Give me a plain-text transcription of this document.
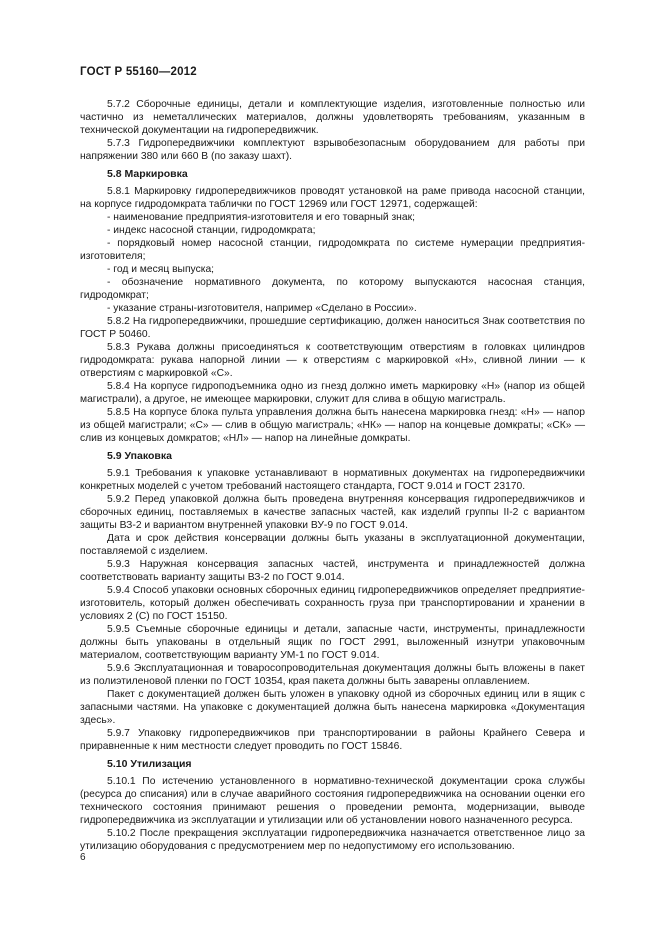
ГОСТ Р 55160—2012
5.7.2 Сборочные единицы, детали и комплектующие изделия, изготовленные полностью или частично из неметаллических материалов, должны удовлетворять требованиям, указанным в технической документации на гидропередвижчик.
5.7.3 Гидропередвижчики комплектуют взрывобезопасным оборудованием для работы при напряжении 380 или 660 В (по заказу шахт).
5.8 Маркировка
5.8.1 Маркировку гидропередвижчиков проводят установкой на раме привода насосной станции, на корпусе гидродомкрата таблички по ГОСТ 12969 или ГОСТ 12971, содержащей:
- наименование предприятия-изготовителя и его товарный знак;
- индекс насосной станции, гидродомкрата;
- порядковый номер насосной станции, гидродомкрата по системе нумерации предприятия-изготовителя;
- год и месяц выпуска;
- обозначение нормативного документа, по которому выпускаются насосная станция, гидродомкрат;
- указание страны-изготовителя, например «Сделано в России».
5.8.2 На гидропередвижчики, прошедшие сертификацию, должен наноситься Знак соответствия по ГОСТ Р 50460.
5.8.3 Рукава должны присоединяться к соответствующим отверстиям в головках цилиндров гидродомкрата: рукава напорной линии — к отверстиям с маркировкой «Н», сливной линии — к отверстиям с маркировкой «С».
5.8.4 На корпусе гидроподъемника одно из гнезд должно иметь маркировку «Н» (напор из общей магистрали), а другое, не имеющее маркировки, служит для слива в общую магистраль.
5.8.5 На корпусе блока пульта управления должна быть нанесена маркировка гнезд: «Н» — напор из общей магистрали; «С» — слив в общую магистраль; «НК» — напор на концевые домкраты; «СК» — слив из концевых домкратов; «НЛ» — напор на линейные домкраты.
5.9 Упаковка
5.9.1 Требования к упаковке устанавливают в нормативных документах на гидропередвижчики конкретных моделей с учетом требований настоящего стандарта, ГОСТ 9.014 и ГОСТ 23170.
5.9.2 Перед упаковкой должна быть проведена внутренняя консервация гидропередвижчиков и сборочных единиц, поставляемых в качестве запасных частей, как изделий группы II-2 с вариантом защиты ВЗ-2 и вариантом внутренней упаковки ВУ-9 по ГОСТ 9.014.
Дата и срок действия консервации должны быть указаны в эксплуатационной документации, поставляемой с изделием.
5.9.3 Наружная консервация запасных частей, инструмента и принадлежностей должна соответствовать варианту защиты ВЗ-2 по ГОСТ 9.014.
5.9.4 Способ упаковки основных сборочных единиц гидропередвижчиков определяет предприятие-изготовитель, который должен обеспечивать сохранность груза при транспортировании и хранении в условиях 2 (С) по ГОСТ 15150.
5.9.5 Съемные сборочные единицы и детали, запасные части, инструменты, принадлежности должны быть упакованы в отдельный ящик по ГОСТ 2991, выложенный изнутри упаковочным материалом, соответствующим варианту УМ-1 по ГОСТ 9.014.
5.9.6 Эксплуатационная и товаросопроводительная документация должны быть вложены в пакет из полиэтиленовой пленки по ГОСТ 10354, края пакета должны быть заварены оплавлением.
Пакет с документацией должен быть уложен в упаковку одной из сборочных единиц или в ящик с запасными частями. На упаковке с документацией должна быть нанесена маркировка «Документация здесь».
5.9.7 Упаковку гидропередвижчиков при транспортировании в районы Крайнего Севера и приравненные к ним местности следует проводить по ГОСТ 15846.
5.10 Утилизация
5.10.1 По истечению установленного в нормативно-технической документации срока службы (ресурса до списания) или в случае аварийного состояния гидропередвижчика на основании оценки его технического состояния принимают решения о проведении ремонта, модернизации, выводе гидропередвижчика из эксплуатации и утилизации или об установлении нового назначенного ресурса.
5.10.2 После прекращения эксплуатации гидропередвижчика назначается ответственное лицо за утилизацию оборудования с предусмотрением мер по недопустимому его использованию.
6
